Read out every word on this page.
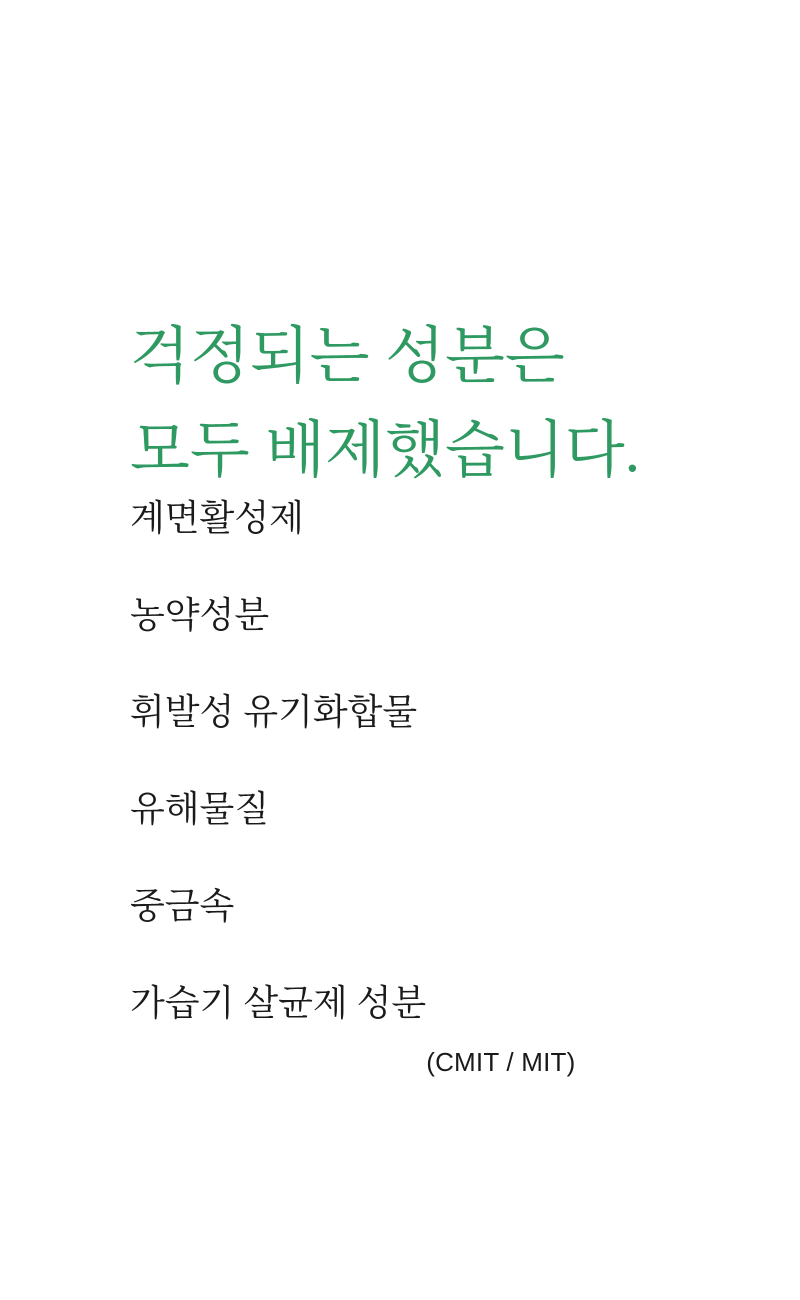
걱정되는 성분은
모두 배제했습니다.
계면활성제
농약성분
휘발성 유기화합물
유해물질
중금속
가습기 살균제 성분
(CMIT / MIT)
